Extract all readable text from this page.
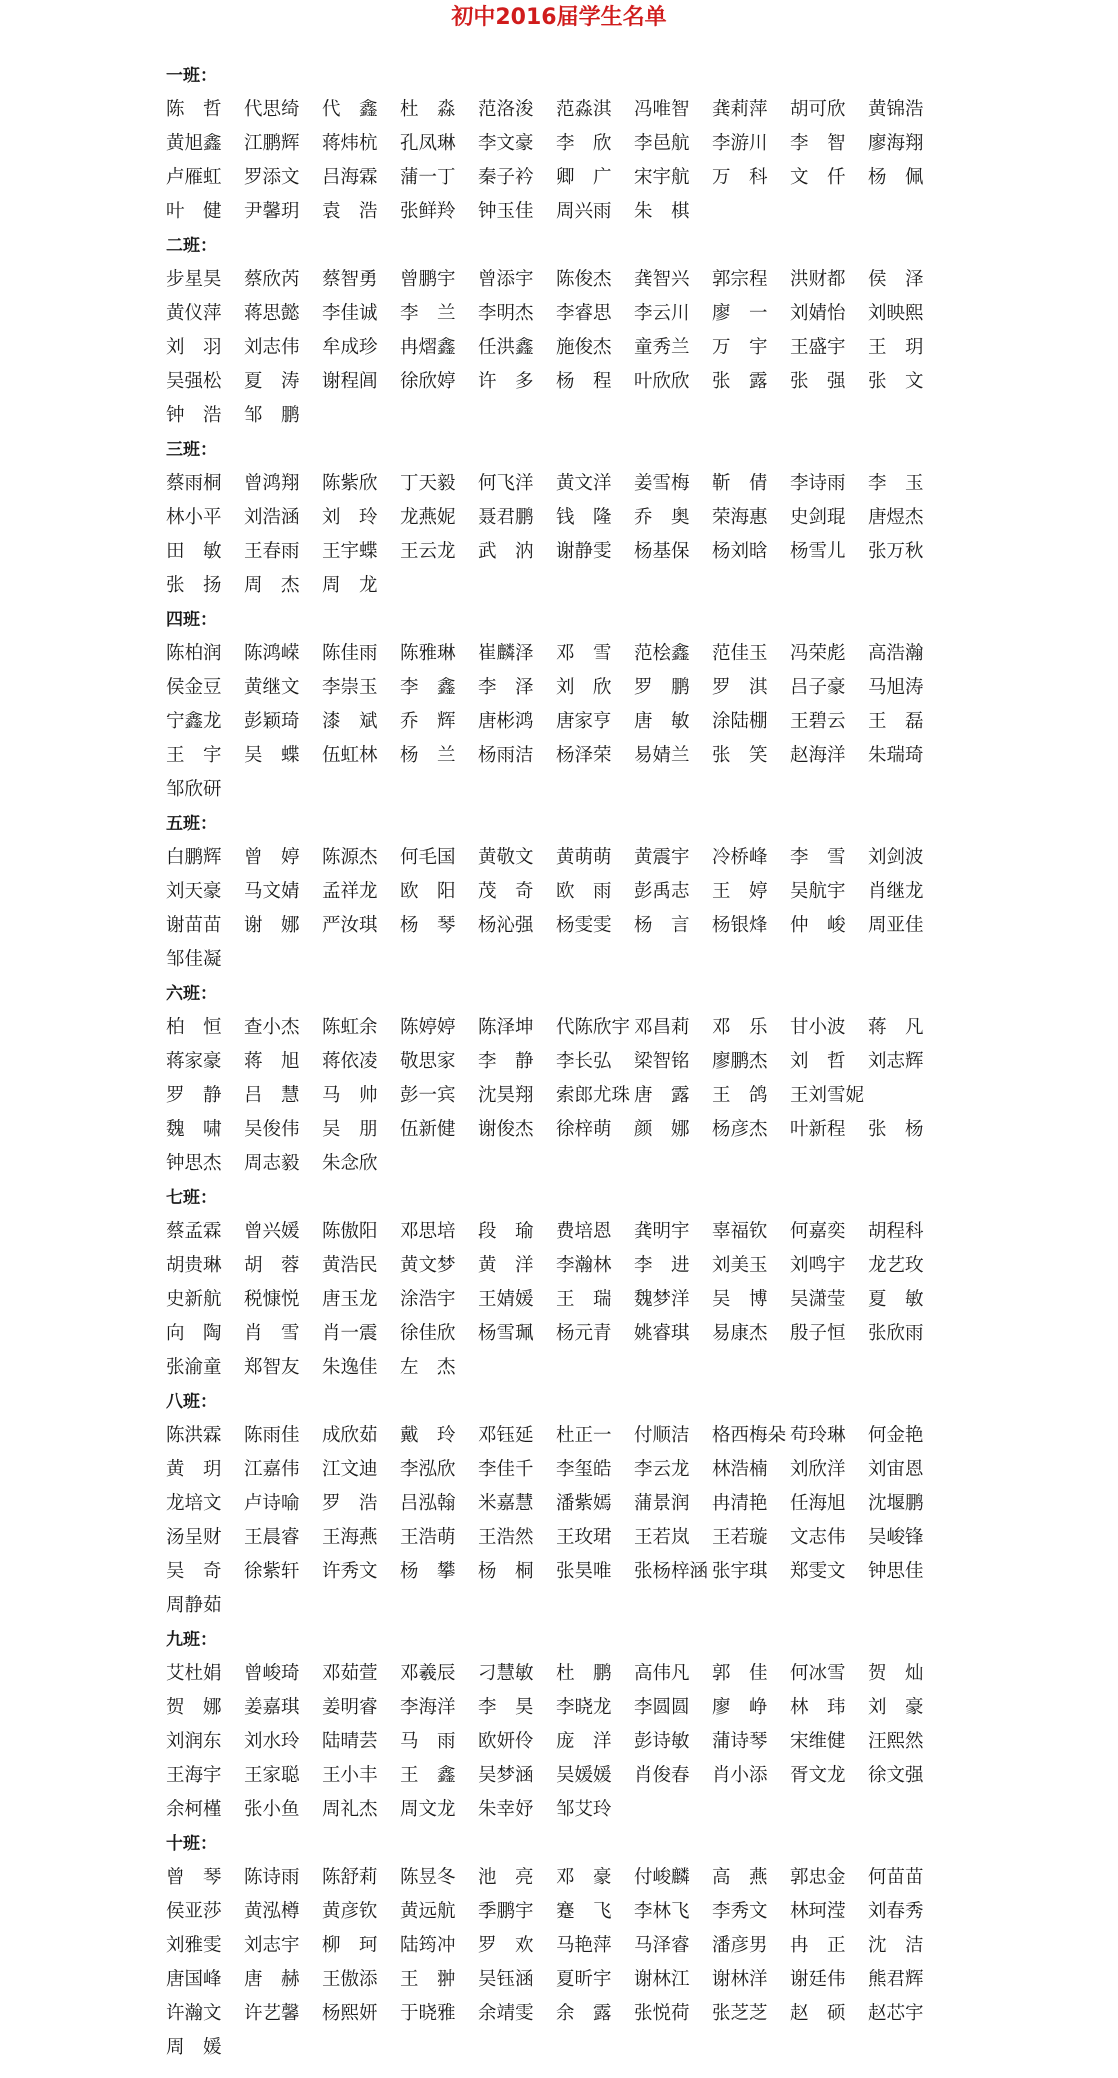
初中2016届学生名单
一班：
陈　哲	代思绮	代　鑫	杜　淼	范洛浚	范淼淇	冯唯智	龚莉萍	胡可欣	黄锦浩
黄旭鑫	江鹏辉	蒋炜杭	孔凤琳	李文豪	李　欣	李邑航	李游川	李　智	廖海翔
卢雁虹	罗添文	吕海霖	蒲一丁	秦子衿	卿　广	宋宇航	万　科	文　仟	杨　佩
叶　健	尹馨玥	袁　浩	张鲜羚	钟玉佳	周兴雨	朱　棋
二班：
步星昊	蔡欣芮	蔡智勇	曾鹏宇	曾添宇	陈俊杰	龚智兴	郭宗程	洪财都	侯　泽
黄仪萍	蒋思懿	李佳诚	李　兰	李明杰	李睿思	李云川	廖　一	刘婧怡	刘映熙
刘　羽	刘志伟	牟成珍	冉熠鑫	任洪鑫	施俊杰	童秀兰	万　宇	王盛宇	王　玥
吴强松	夏　涛	谢程阊	徐欣婷	许　多	杨　程	叶欣欣	张　露	张　强	张　文
钟　浩	邹　鹏
三班：
蔡雨桐	曾鸿翔	陈紫欣	丁天毅	何飞洋	黄文洋	姜雪梅	靳　倩	李诗雨	李　玉
林小平	刘浩涵	刘　玲	龙燕妮	聂君鹏	钱　隆	乔　奥	荣海惠	史剑琨	唐煜杰
田　敏	王春雨	王宇蝶	王云龙	武　汭	谢静雯	杨基保	杨刘晗	杨雪儿	张万秋
张　扬	周　杰	周　龙
四班：
陈柏润	陈鸿嵘	陈佳雨	陈雅琳	崔麟泽	邓　雪	范桧鑫	范佳玉	冯荣彪	高浩瀚
侯金豆	黄继文	李崇玉	李　鑫	李　泽	刘　欣	罗　鹏	罗　淇	吕子豪	马旭涛
宁鑫龙	彭颖琦	漆　斌	乔　辉	唐彬鸿	唐家亨	唐　敏	涂陆棚	王碧云	王　磊
王　宇	吴　蝶	伍虹林	杨　兰	杨雨洁	杨泽荣	易婧兰	张　笑	赵海洋	朱瑞琦
邹欣研
五班：
白鹏辉	曾　婷	陈源杰	何毛国	黄敬文	黄萌萌	黄震宇	冷桥峰	李　雪	刘剑波
刘天豪	马文婧	孟祥龙	欧　阳	茂　奇	欧　雨	彭禹志	王　婷	吴航宇	肖继龙
谢苗苗	谢　娜	严汝琪	杨　琴	杨沁强	杨雯雯	杨　言	杨银烽	仲　峻	周亚佳
邹佳凝
六班：
柏　恒	查小杰	陈虹余	陈婷婷	陈泽坤	代陈欣宇 邓昌莉	邓　乐	甘小波	蒋　凡
蒋家豪	蒋　旭	蒋依凌	敬思家	李　静	李长弘	梁智铭	廖鹏杰	刘　哲	刘志辉
罗　静	吕　慧	马　帅	彭一宾	沈昊翔	索郎尤珠 唐　露	王　鸽	王刘雪妮
魏　啸	吴俊伟	吴　朋	伍新健	谢俊杰	徐梓萌	颜　娜	杨彦杰	叶新程	张　杨
钟思杰	周志毅	朱念欣
七班：
蔡孟霖	曾兴媛	陈傲阳	邓思培	段　瑜	费培恩	龚明宇	辜福钦	何嘉奕	胡程科
胡贵琳	胡　蓉	黄浩民	黄文梦	黄　洋	李瀚林	李　进	刘美玉	刘鸣宇	龙艺玫
史新航	税慷悦	唐玉龙	涂浩宇	王婧媛	王　瑞	魏梦洋	吴　博	吴潇莹	夏　敏
向　陶	肖　雪	肖一震	徐佳欣	杨雪珮	杨元青	姚睿琪	易康杰	殷子恒	张欣雨
张渝童	郑智友	朱逸佳	左　杰
八班：
陈洪霖	陈雨佳	成欣茹	戴　玲	邓钰延	杜正一	付顺洁	格西梅朵 苟玲琳	何金艳
黄　玥	江嘉伟	江文迪	李泓欣	李佳千	李玺皓	李云龙	林浩楠	刘欣洋	刘宙恩
龙培文	卢诗喻	罗　浩	吕泓翰	米嘉慧	潘紫嫣	蒲景润	冉清艳	任海旭	沈堰鹏
汤呈财	王晨睿	王海燕	王浩萌	王浩然	王玫珺	王若岚	王若璇	文志伟	吴峻锋
吴　奇	徐紫轩	许秀文	杨　攀	杨　桐	张昊唯	张杨梓涵 张宇琪	郑雯文	钟思佳
周静茹
九班：
艾杜娟	曾峻琦	邓茹萱	邓羲辰	刁慧敏	杜　鹏	高伟凡	郭　佳	何冰雪	贺　灿
贺　娜	姜嘉琪	姜明睿	李海洋	李　昊	李晓龙	李圆圆	廖　峥	林　玮	刘　豪
刘润东	刘水玲	陆晴芸	马　雨	欧妍伶	庞　洋	彭诗敏	蒲诗琴	宋维健	汪熙然
王海宇	王家聪	王小丰	王　鑫	吴梦涵	吴媛媛	肖俊春	肖小添	胥文龙	徐文强
余柯槿	张小鱼	周礼杰	周文龙	朱幸妤	邹艾玲
十班：
曾　琴	陈诗雨	陈舒莉	陈昱冬	池　亮	邓　豪	付峻麟	高　燕	郭忠金	何苗苗
侯亚莎	黄泓樽	黄彦钦	黄远航	季鹏宇	蹇　飞	李林飞	李秀文	林珂滢	刘春秀
刘雅雯	刘志宇	柳　珂	陆筠冲	罗　欢	马艳萍	马泽睿	潘彦男	冉　正	沈　洁
唐国峰	唐　赫	王傲添	王　翀	吴钰涵	夏昕宇	谢林江	谢林洋	谢廷伟	熊君辉
许瀚文	许艺馨	杨熙妍	于晓雅	余靖雯	余　露	张悦荷	张芝芝	赵　硕	赵芯宇
周　媛
